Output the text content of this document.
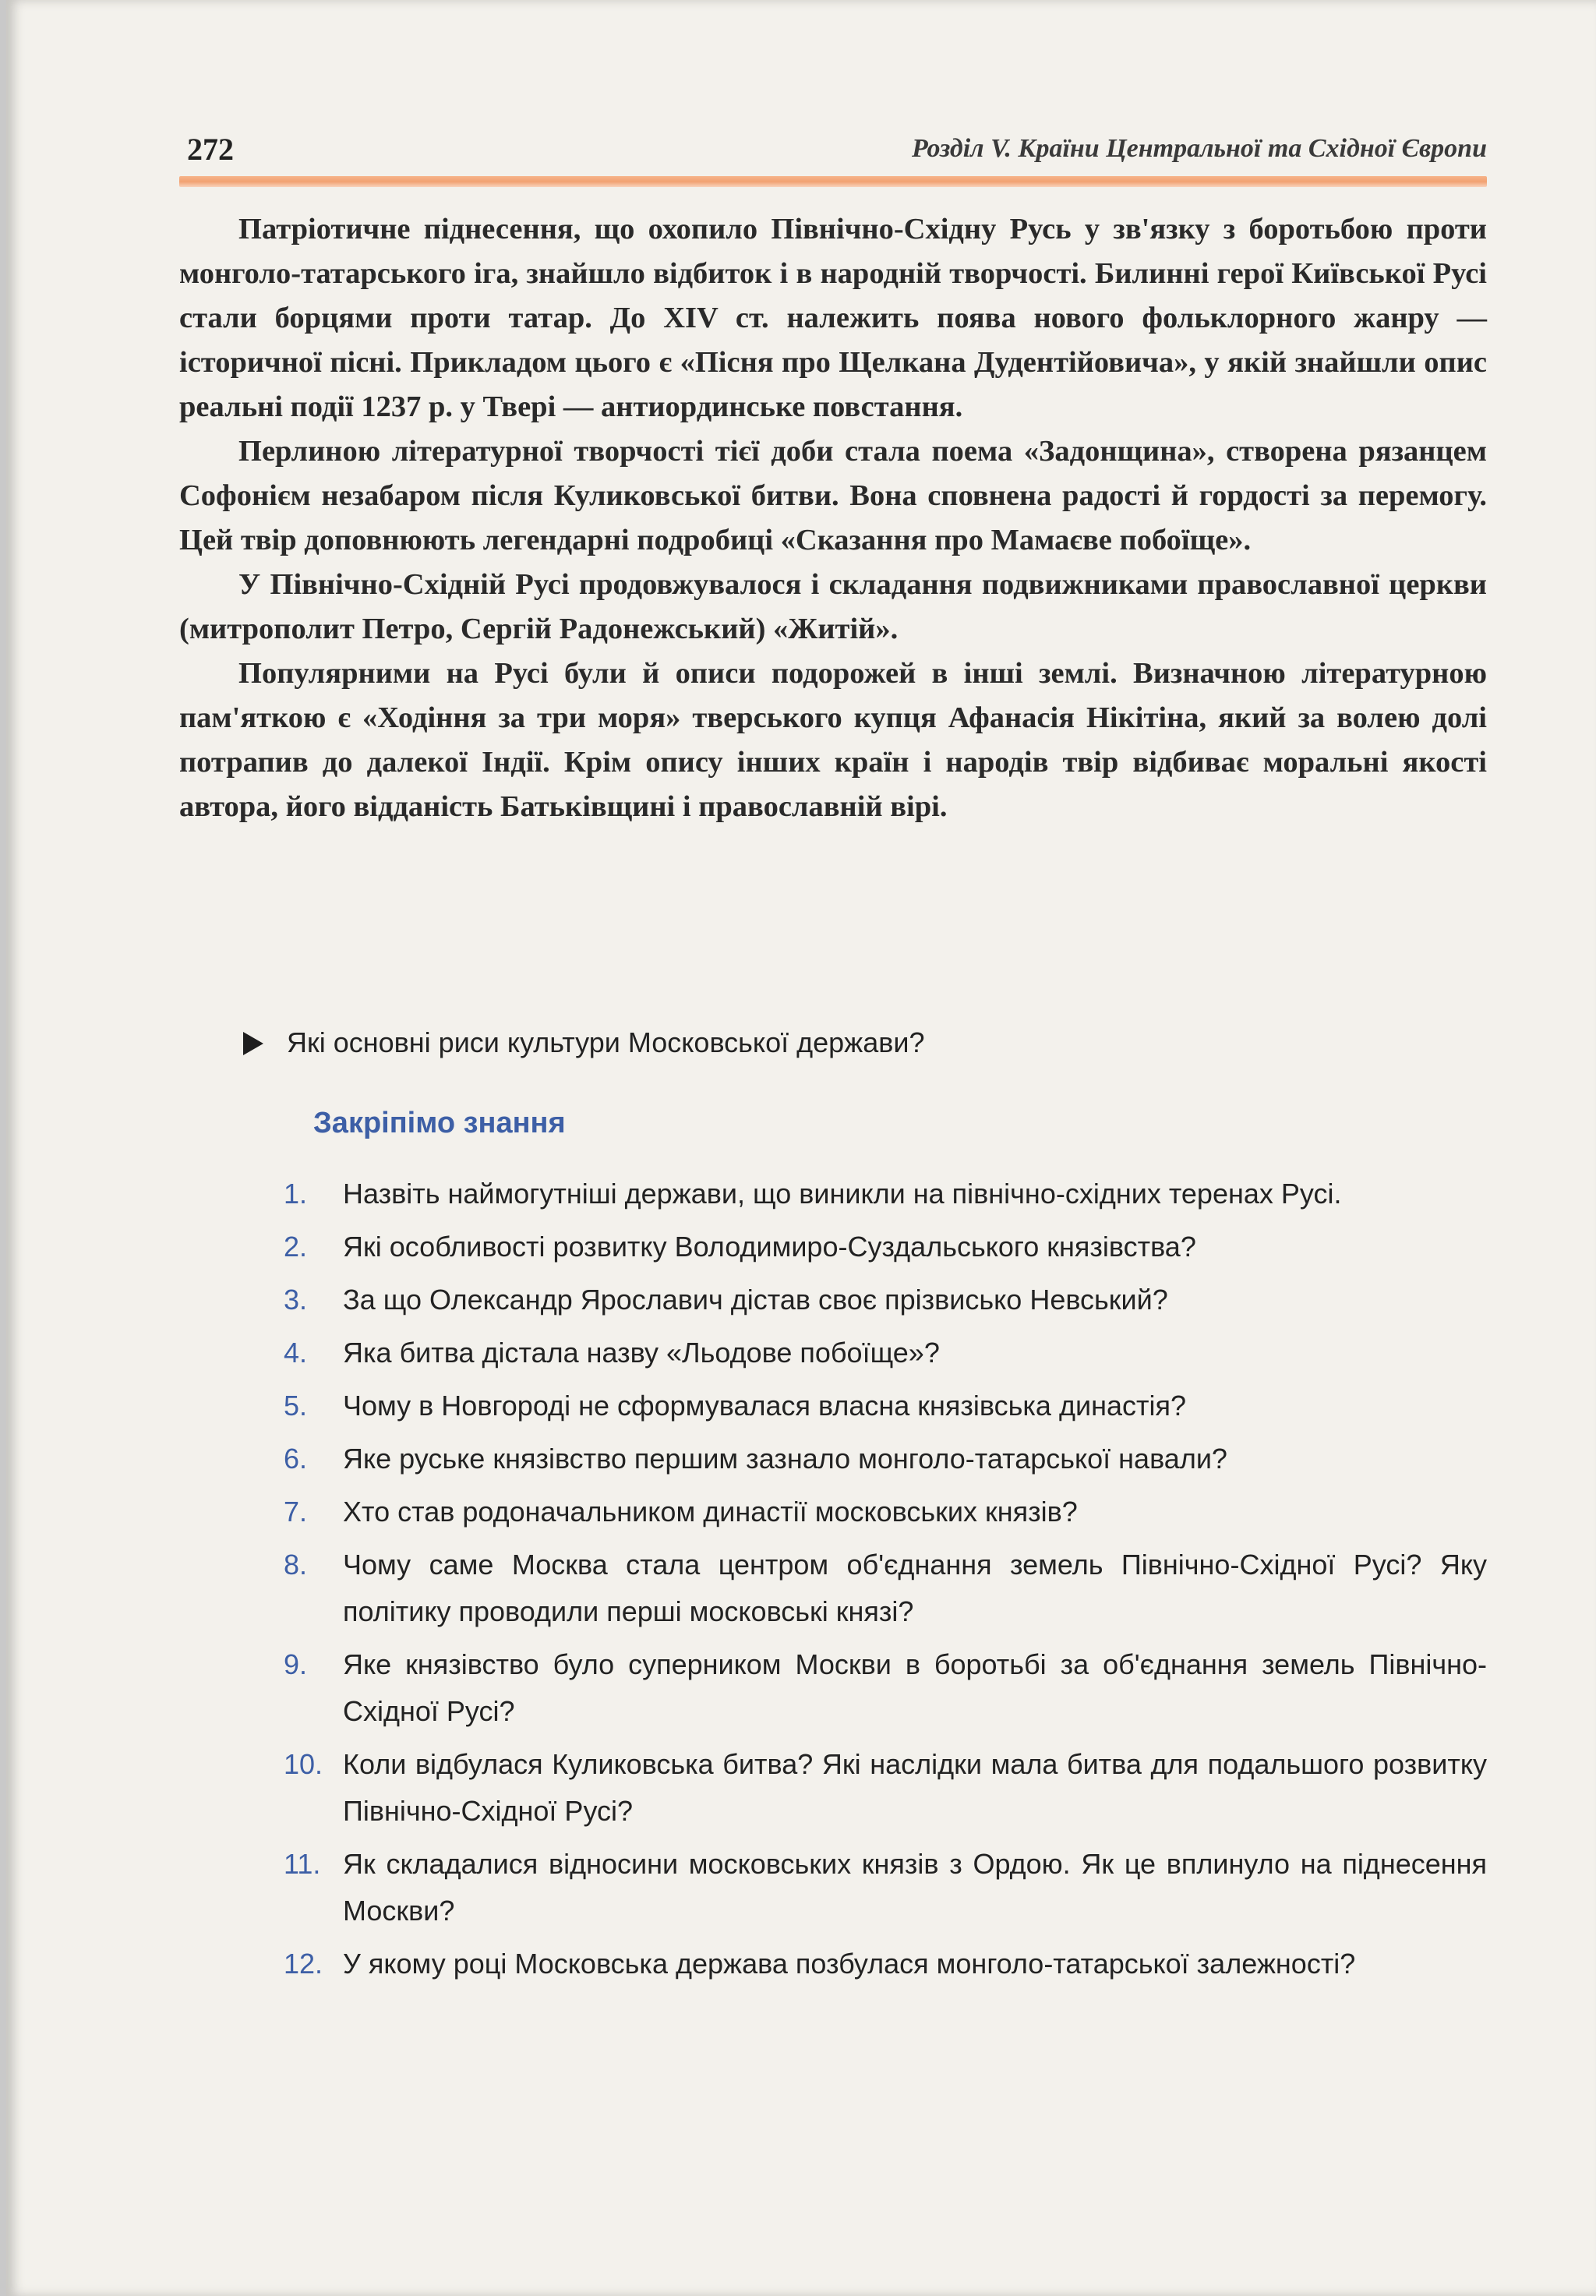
272	Розділ V. Країни Центральної та Східної Європи

Патріотичне піднесення, що охопило Північно-Східну Русь у зв'язку з боротьбою проти монголо-татарського іга, знайшло відбиток і в народній творчості. Билинні герої Київської Русі стали борцями проти татар. До XIV ст. належить поява нового фольклорного жанру — історичної пісні. Прикладом цього є «Пісня про Щелкана Дудентійовича», у якій знайшли опис реальні події 1237 р. у Твері — антиординське повстання.

Перлиною літературної творчості тієї доби стала поема «Задонщина», створена рязанцем Софонієм незабаром після Куликовської битви. Вона сповнена радості й гордості за перемогу. Цей твір доповнюють легендарні подробиці «Сказання про Мамаєве побоїще».

У Північно-Східній Русі продовжувалося і складання подвижниками православної церкви (митрополит Петро, Сергій Радонежський) «Житій».

Популярними на Русі були й описи подорожей в інші землі. Визначною літературною пам'яткою є «Ходіння за три моря» тверського купця Афанасія Нікітіна, який за волею долі потрапив до далекої Індії. Крім опису інших країн і народів твір відбиває моральні якості автора, його відданість Батьківщині і православній вірі.

Які основні риси культури Московської держави?
Закріпімо знання
1. Назвіть наймогутніші держави, що виникли на північно-східних теренах Русі.
2. Які особливості розвитку Володимиро-Суздальського князівства?
3. За що Олександр Ярославич дістав своє прізвисько Невський?
4. Яка битва дістала назву «Льодове побоїще»?
5. Чому в Новгороді не сформувалася власна князівська династія?
6. Яке руське князівство першим зазнало монголо-татарської навали?
7. Хто став родоначальником династії московських князів?
8. Чому саме Москва стала центром об'єднання земель Північно-Східної Русі? Яку політику проводили перші московські князі?
9. Яке князівство було суперником Москви в боротьбі за об'єднання земель Північно-Східної Русі?
10. Коли відбулася Куликовська битва? Які наслідки мала битва для подальшого розвитку Північно-Східної Русі?
11. Як складалися відносини московських князів з Ордою. Як це вплинуло на піднесення Москви?
12. У якому році Московська держава позбулася монголо-татарської залежності?
